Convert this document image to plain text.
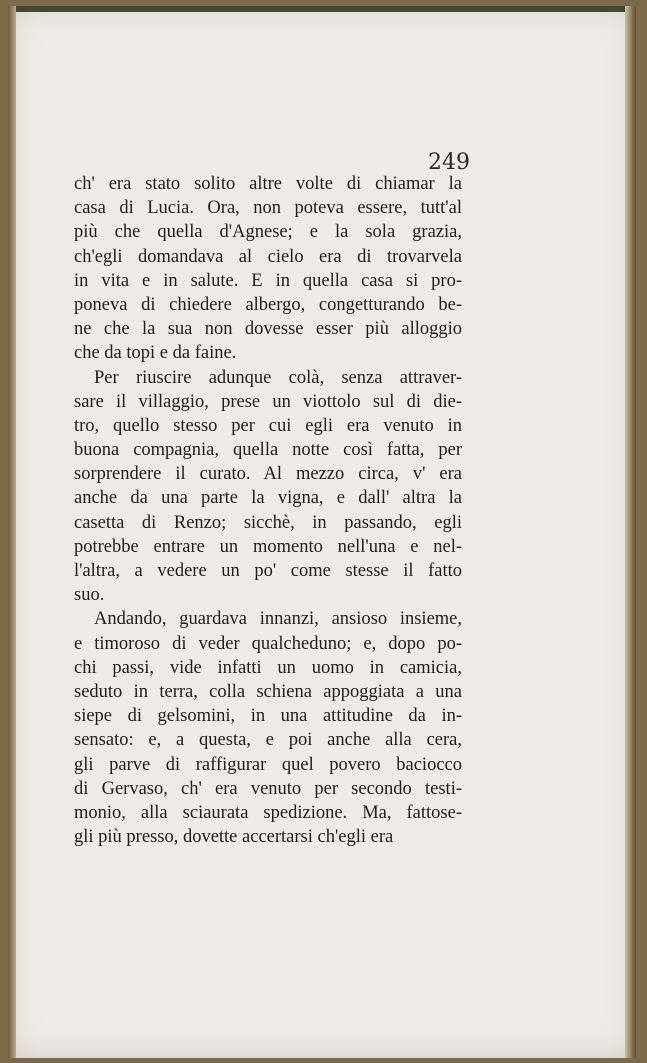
249
ch' era stato solito altre volte di chiamar la
casa di Lucia. Ora, non poteva essere, tutt'al
più che quella d'Agnese; e la sola grazia,
ch'egli domandava al cielo era di trovarvela
in vita e in salute. E in quella casa si pro-
poneva di chiedere albergo, congetturando be-
ne che la sua non dovesse esser più alloggio
che da topi e da faine.
Per riuscire adunque colà, senza attraver-
sare il villaggio, prese un viottolo sul di die-
tro, quello stesso per cui egli era venuto in
buona compagnia, quella notte così fatta, per
sorprendere il curato. Al mezzo circa, v' era
anche da una parte la vigna, e dall' altra la
casetta di Renzo; sicchè, in passando, egli
potrebbe entrare un momento nell'una e nel-
l'altra, a vedere un po' come stesse il fatto
suo.
Andando, guardava innanzi, ansioso insieme,
e timoroso di veder qualcheduno; e, dopo po-
chi passi, vide infatti un uomo in camicia,
seduto in terra, colla schiena appoggiata a una
siepe di gelsomini, in una attitudine da in-
sensato: e, a questa, e poi anche alla cera,
gli parve di raffigurar quel povero baciocco
di Gervaso, ch' era venuto per secondo testi-
monio, alla sciaurata spedizione. Ma, fattose-
gli più presso, dovette accertarsi ch'egli era
